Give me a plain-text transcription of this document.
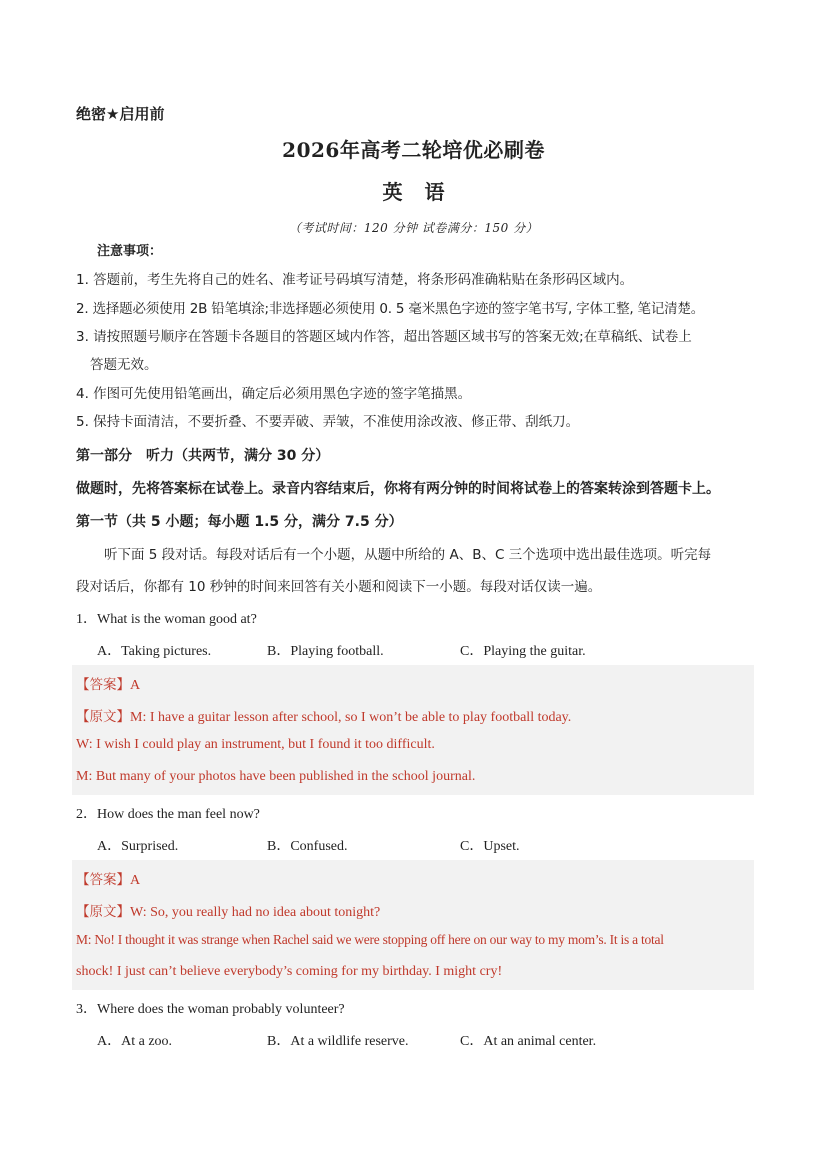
绝密★启用前
2026年高考二轮培优必刷卷
英语
（考试时间：120 分钟 试卷满分：150 分）
注意事项：
1. 答题前，考生先将自己的姓名、准考证号码填写清楚，将条形码准确粘贴在条形码区域内。
2. 选择题必须使用 2B 铅笔填涂;非选择题必须使用 0. 5 毫米黑色字迹的签字笔书写, 字体工整, 笔记清楚。
3. 请按照题号顺序在答题卡各题目的答题区域内作答，超出答题区域书写的答案无效;在草稿纸、试卷上
答题无效。
4. 作图可先使用铅笔画出，确定后必须用黑色字迹的签字笔描黑。
5. 保持卡面清洁，不要折叠、不要弄破、弄皱，不准使用涂改液、修正带、刮纸刀。
第一部分　听力（共两节，满分 30 分）
做题时，先将答案标在试卷上。录音内容结束后，你将有两分钟的时间将试卷上的答案转涂到答题卡上。
第一节（共 5 小题；每小题 1.5 分，满分 7.5 分）
听下面 5 段对话。每段对话后有一个小题，从题中所给的 A、B、C 三个选项中选出最佳选项。听完每
段对话后，你都有 10 秒钟的时间来回答有关小题和阅读下一小题。每段对话仅读一遍。
1．What is the woman good at?
A．Taking pictures.	B．Playing football.	C．Playing the guitar.
【答案】A
【原文】M: I have a guitar lesson after school, so I won’t be able to play football today.
W: I wish I could play an instrument, but I found it too difficult.
M: But many of your photos have been published in the school journal.
2．How does the man feel now?
A．Surprised.	B．Confused.	C．Upset.
【答案】A
【原文】W: So, you really had no idea about tonight?
M: No! I thought it was strange when Rachel said we were stopping off here on our way to my mom’s. It is a total
shock! I just can’t believe everybody’s coming for my birthday. I might cry!
3．Where does the woman probably volunteer?
A．At a zoo.	B．At a wildlife reserve.	C．At an animal center.
